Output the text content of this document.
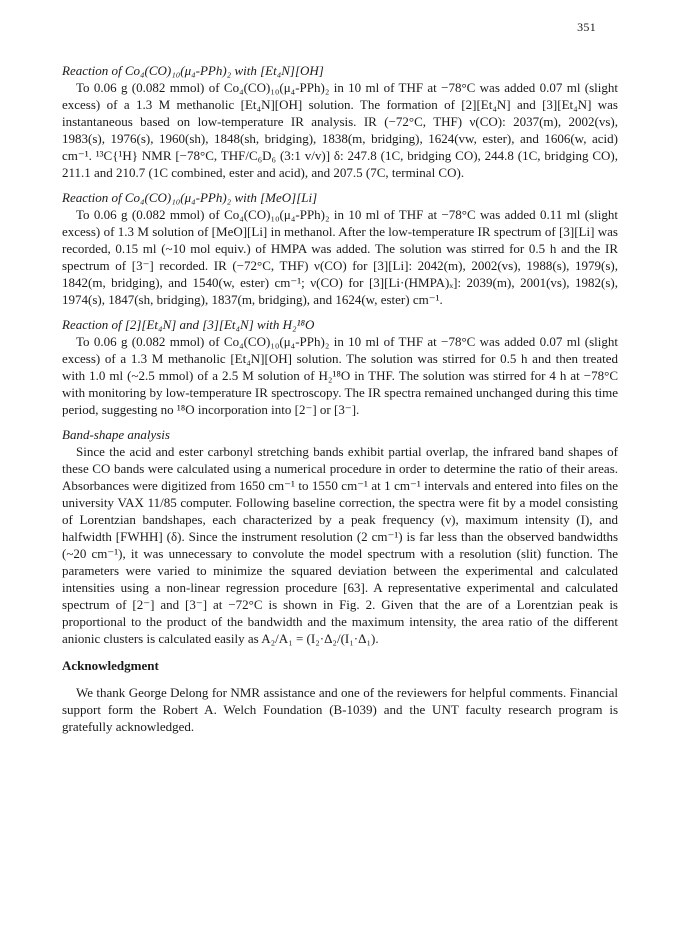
351

Reaction of Co₄(CO)₁₀(μ₄-PPh)₂ with [Et₄N][OH]

To 0.06 g (0.082 mmol) of Co₄(CO)₁₀(μ₄-PPh)₂ in 10 ml of THF at −78°C was added 0.07 ml (slight excess) of a 1.3 M methanolic [Et₄N][OH] solution. The formation of [2][Et₄N] and [3][Et₄N] was instantaneous based on low-temperature IR analysis. IR (−72°C, THF) ν(CO): 2037(m), 2002(vs), 1983(s), 1976(s), 1960(sh), 1848(sh, bridging), 1838(m, bridging), 1624(vw, ester), and 1606(w, acid) cm⁻¹. ¹³C{¹H} NMR [−78°C, THF/C₆D₆ (3:1 v/v)] δ: 247.8 (1C, bridging CO), 244.8 (1C, bridging CO), 211.1 and 210.7 (1C combined, ester and acid), and 207.5 (7C, terminal CO).

Reaction of Co₄(CO)₁₀(μ₄-PPh)₂ with [MeO][Li]

To 0.06 g (0.082 mmol) of Co₄(CO)₁₀(μ₄-PPh)₂ in 10 ml of THF at −78°C was added 0.11 ml (slight excess) of 1.3 M solution of [MeO][Li] in methanol. After the low-temperature IR spectrum of [3][Li] was recorded, 0.15 ml (~10 mol equiv.) of HMPA was added. The solution was stirred for 0.5 h and the IR spectrum of [3⁻] recorded. IR (−72°C, THF) ν(CO) for [3][Li]: 2042(m), 2002(vs), 1988(s), 1979(s), 1842(m, bridging), and 1540(w, ester) cm⁻¹; ν(CO) for [3][Li·(HMPA)ₓ]: 2039(m), 2001(vs), 1982(s), 1974(s), 1847(sh, bridging), 1837(m, bridging), and 1624(w, ester) cm⁻¹.

Reaction of [2][Et₄N] and [3][Et₄N] with H₂¹⁸O

To 0.06 g (0.082 mmol) of Co₄(CO)₁₀(μ₄-PPh)₂ in 10 ml of THF at −78°C was added 0.07 ml (slight excess) of a 1.3 M methanolic [Et₄N][OH] solution. The solution was stirred for 0.5 h and then treated with 1.0 ml (~2.5 mmol) of a 2.5 M solution of H₂¹⁸O in THF. The solution was stirred for 4 h at −78°C with monitoring by low-temperature IR spectroscopy. The IR spectra remained unchanged during this time period, suggesting no ¹⁸O incorporation into [2⁻] or [3⁻].

Band-shape analysis

Since the acid and ester carbonyl stretching bands exhibit partial overlap, the infrared band shapes of these CO bands were calculated using a numerical procedure in order to determine the ratio of their areas. Absorbances were digitized from 1650 cm⁻¹ to 1550 cm⁻¹ at 1 cm⁻¹ intervals and entered into files on the university VAX 11/85 computer. Following baseline correction, the spectra were fit by a model consisting of Lorentzian bandshapes, each characterized by a peak frequency (ν), maximum intensity (I), and halfwidth [FWHH] (δ). Since the instrument resolution (2 cm⁻¹) is far less than the observed bandwidths (~20 cm⁻¹), it was unnecessary to convolute the model spectrum with a resolution (slit) function. The parameters were varied to minimize the squared deviation between the experimental and calculated intensities using a non-linear regression procedure [63]. A representative experimental and calculated spectrum of [2⁻] and [3⁻] at −72°C is shown in Fig. 2. Given that the are of a Lorentzian peak is proportional to the product of the bandwidth and the maximum intensity, the area ratio of the different anionic clusters is calculated easily as A₂/A₁ = (I₂·Δ₂/(I₁·Δ₁).

Acknowledgment

We thank George Delong for NMR assistance and one of the reviewers for helpful comments. Financial support form the Robert A. Welch Foundation (B-1039) and the UNT faculty research program is gratefully acknowledged.
